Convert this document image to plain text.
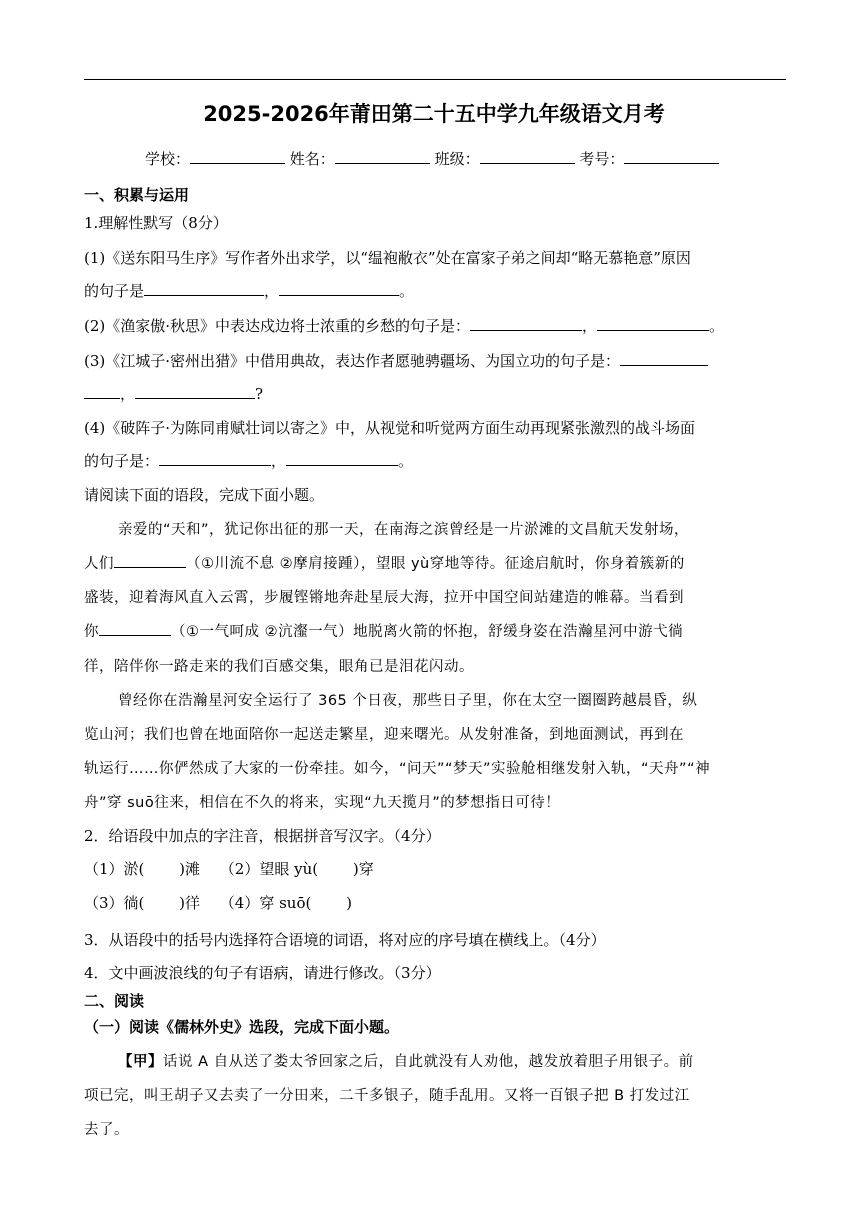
2025-2026年莆田第二十五中学九年级语文月考
学校：	姓名：	班级：	考号：
一、积累与运用
1.理解性默写（8分）
(1)《送东阳马生序》写作者外出求学，以“缊袍敝衣”处在富家子弟之间却“略无慕艳意”原因
的句子是	，	。
(2)《渔家傲·秋思》中表达戍边将士浓重的乡愁的句子是：	，	。
(3)《江城子·密州出猎》中借用典故，表达作者愿驰骋疆场、为国立功的句子是：
，	?
(4)《破阵子·为陈同甫赋壮词以寄之》中，从视觉和听觉两方面生动再现紧张激烈的战斗场面
的句子是：	，	。
请阅读下面的语段，完成下面小题。
亲爱的“天和”，犹记你出征的那一天，在南海之滨曾经是一片淤滩的文昌航天发射场，
人们	（①川流不息 ②摩肩接踵），望眼 yù穿地等待。征途启航时，你身着簇新的
盛装，迎着海风直入云霄，步履铿锵地奔赴星辰大海，拉开中国空间站建造的帷幕。当看到
你	（①一气呵成 ②沆瀣一气）地脱离火箭的怀抱，舒缓身姿在浩瀚星河中游弋徜
徉，陪伴你一路走来的我们百感交集，眼角已是泪花闪动。
曾经你在浩瀚星河安全运行了 365 个日夜，那些日子里，你在太空一圈圈跨越晨昏，纵
览山河；我们也曾在地面陪你一起送走繁星，迎来曙光。从发射准备，到地面测试，再到在
轨运行……你俨然成了大家的一份牵挂。如今，“问天”“梦天”实验舱相继发射入轨，“天舟”“神
舟”穿 suō往来，相信在不久的将来，实现“九天揽月”的梦想指日可待！
2．给语段中加点的字注音，根据拼音写汉字。（4分）
（1）淤(　　 )滩　 （2）望眼 yù(　　 )穿
（3）徜(　　 )徉　 （4）穿 suō(　　 )
3．从语段中的括号内选择符合语境的词语，将对应的序号填在横线上。（4分）
4．文中画波浪线的句子有语病，请进行修改。（3分）
二、阅读
（一）阅读《儒林外史》选段，完成下面小题。
【甲】话说 A 自从送了娄太爷回家之后，自此就没有人劝他，越发放着胆子用银子。前
项已完，叫王胡子又去卖了一分田来，二千多银子，随手乱用。又将一百银子把 B 打发过江
去了。
